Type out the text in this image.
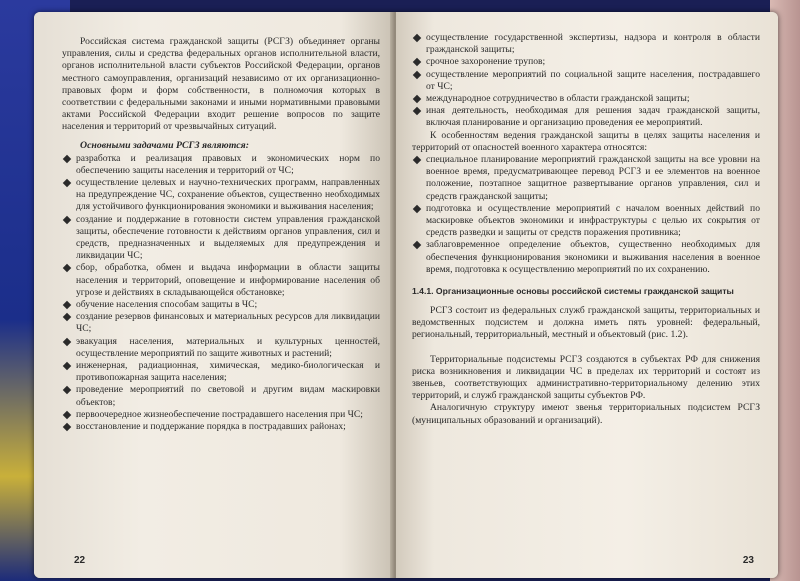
Российская система гражданской защиты (РСГЗ) объединяет органы управления, силы и средства федеральных органов исполнительной власти, органов исполнительной власти субъектов Российской Федерации, органов местного самоуправления, организаций независимо от их организационно-правовых форм и форм собственности, в полномочия которых в соответствии с федеральными законами и иными нормативными правовыми актами Российской Федерации входит решение вопросов по защите населения и территорий от чрезвычайных ситуаций.

Основными задачами РСГЗ являются:
разработка и реализация правовых и экономических норм по обеспечению защиты населения и территорий от ЧС;
осуществление целевых и научно-технических программ, направленных на предупреждение ЧС, сохранение объектов, существенно необходимых для устойчивого функционирования экономики и выживания населения;
создание и поддержание в готовности систем управления гражданской защиты, обеспечение готовности к действиям органов управления, сил и средств, предназначенных и выделяемых для предупреждения и ликвидации ЧС;
сбор, обработка, обмен и выдача информации в области защиты населения и территорий, оповещение и информирование населения об угрозе и действиях в складывающейся обстановке;
обучение населения способам защиты в ЧС;
создание резервов финансовых и материальных ресурсов для ликвидации ЧС;
эвакуация населения, материальных и культурных ценностей, осуществление мероприятий по защите животных и растений;
инженерная, радиационная, химическая, медико-биологическая и противопожарная защита населения;
проведение мероприятий по световой и другим видам маскировки объектов;
первоочередное жизнеобеспечение пострадавшего населения при ЧС;
восстановление и поддержание порядка в пострадавших районах;
22
осуществление государственной экспертизы, надзора и контроля в области гражданской защиты;
срочное захоронение трупов;
осуществление мероприятий по социальной защите населения, пострадавшего от ЧС;
международное сотрудничество в области гражданской защиты;
иная деятельность, необходимая для решения задач гражданской защиты, включая планирование и организацию проведения ее мероприятий.

К особенностям ведения гражданской защиты в целях защиты населения и территорий от опасностей военного характера относятся:

специальное планирование мероприятий гражданской защиты на все уровни на военное время, предусматривающее перевод РСГЗ и ее элементов на военное положение, поэтапное защитное развертывание органов управления, сил и средств гражданской защиты;
подготовка и осуществление мероприятий с началом военных действий по маскировке объектов экономики и инфраструктуры с целью их сокрытия от средств разведки и защиты от средств поражения противника;
заблаговременное определение объектов, существенно необходимых для обеспечения функционирования экономики и выживания населения в военное время, подготовка к осуществлению мероприятий по их сохранению.
1.4.1. Организационные основы российской системы гражданской защиты

РСГЗ состоит из федеральных служб гражданской защиты, территориальных и ведомственных подсистем и должна иметь пять уровней: федеральный, региональный, территориальный, местный и объектовый (рис. 1.2).

Территориальные подсистемы РСГЗ создаются в субъектах РФ для снижения риска возникновения и ликвидации ЧС в пределах их территорий и состоят из звеньев, соответствующих административно-территориальному делению этих территорий, и служб гражданской защиты субъектов РФ.

Аналогичную структуру имеют звенья территориальных подсистем РСГЗ (муниципальных образований и организаций).

23
